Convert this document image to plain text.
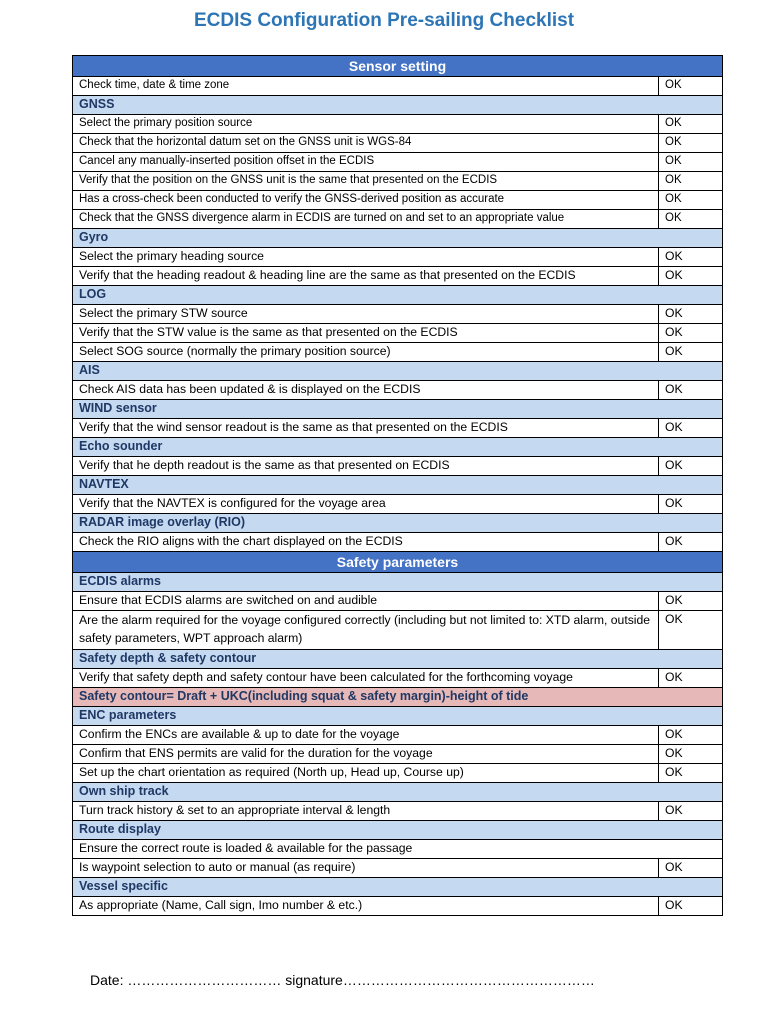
ECDIS Configuration Pre-sailing Checklist
Sensor setting	
Check time, date & time zone	OK
GNSS	
Select the primary position source	OK
Check that the horizontal datum set on the GNSS unit is WGS-84	OK
Cancel any manually-inserted position offset in the ECDIS	OK
Verify that the position on the GNSS unit is the same that presented on the ECDIS	OK
Has a cross-check been conducted to verify the GNSS-derived position as accurate	OK
Check that the GNSS divergence alarm in ECDIS are turned on and set to an appropriate value	OK
Gyro	
Select the primary heading source	OK
Verify that the heading readout & heading line are the same as that presented on the ECDIS	OK
LOG	
Select the primary STW source	OK
Verify that the STW value is the same as that presented on the ECDIS	OK
Select SOG source (normally the primary position source)	OK
AIS	
Check AIS data has been updated & is displayed on the ECDIS	OK
WIND sensor	
Verify that the wind sensor readout is the same as that presented on the ECDIS	OK
Echo sounder	
Verify that he depth readout is the same as that presented on ECDIS	OK
NAVTEX	
Verify that the NAVTEX is configured for the voyage area	OK
RADAR image overlay (RIO)	
Check the RIO aligns with the chart displayed on the ECDIS	OK
Safety parameters	
ECDIS alarms	
Ensure that ECDIS alarms are switched on and audible	OK
Are the alarm required for the voyage configured correctly (including but not limited to: XTD alarm, outside safety parameters, WPT approach alarm)	OK
Safety depth & safety contour	
Verify that safety depth and safety contour have been calculated for the forthcoming voyage	OK
Safety contour= Draft + UKC(including squat & safety margin)-height of tide	
ENC parameters	
Confirm the ENCs are available & up to date for the voyage	OK
Confirm that ENS permits are valid for the duration for the voyage	OK
Set up the chart orientation as required (North up, Head up, Course up)	OK
Own ship track	
Turn track history & set to an appropriate interval & length	OK
Route display	
Ensure the correct route is loaded & available for the passage	
Is waypoint selection to auto or manual (as require)	OK
Vessel specific	
As appropriate (Name, Call sign, Imo number & etc.)	OK
Date: …………………………… signature………………………………………………
